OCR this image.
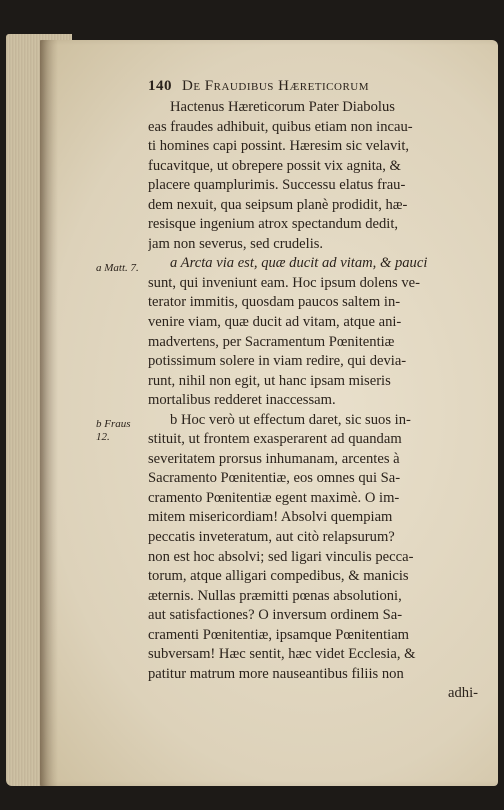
140 De Fraudibus Hæreticorum
a Matt. 7.
b Fraus 12.
Hactenus Hæreticorum Pater Diabolus
eas fraudes adhibuit, quibus etiam non incau-
ti homines capi possint. Hæresim sic velavit,
fucavitque, ut obrepere possit vix agnita, &
placere quamplurimis. Successu elatus frau-
dem nexuit, qua seipsum planè prodidit, hæ-
resisque ingenium atrox spectandum dedit,
jam non severus, sed crudelis.
a Arcta via est, quæ ducit ad vitam, & pauci
sunt, qui inveniunt eam. Hoc ipsum dolens ve-
terator immitis, quosdam paucos saltem in-
venire viam, quæ ducit ad vitam, atque ani-
madvertens, per Sacramentum Pœnitentiæ
potissimum solere in viam redire, qui devia-
runt, nihil non egit, ut hanc ipsam miseris
mortalibus redderet inaccessam.
b Hoc verò ut effectum daret, sic suos in-
stituit, ut frontem exasperarent ad quandam
severitatem prorsus inhumanam, arcentes à
Sacramento Pœnitentiæ, eos omnes qui Sa-
cramento Pœnitentiæ egent maximè. O im-
mitem misericordiam! Absolvi quempiam
peccatis inveteratum, aut citò relapsurum?
non est hoc absolvi; sed ligari vinculis pecca-
torum, atque alligari compedibus, & manicis
æternis. Nullas præmitti pœnas absolutioni,
aut satisfactiones? O inversum ordinem Sa-
cramenti Pœnitentiæ, ipsamque Pœnitentiam
subversam! Hæc sentit, hæc videt Ecclesia, &
patitur matrum more nauseantibus filiis non
adhi-
